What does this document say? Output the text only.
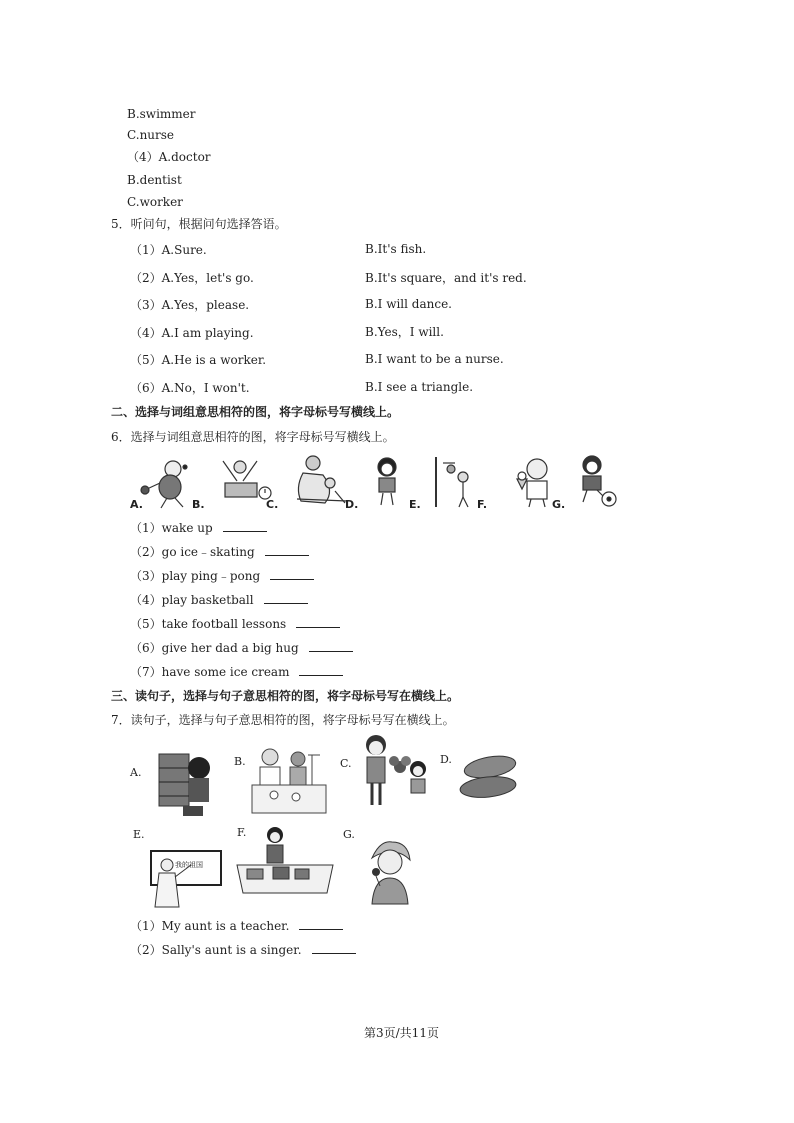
B.swimmer
C.nurse
（4）A.doctor
B.dentist
C.worker
5．听问句，根据问句选择答语。
（1）A.Sure.	B.It's fish.
（2）A.Yes，let's go.	B.It's square，and it's red.
（3）A.Yes，please.	B.I will dance.
（4）A.I am playing.	B.Yes，I will.
（5）A.He is a worker.	B.I want to be a nurse.
（6）A.No，I won't.	B.I see a triangle.
二、选择与词组意思相符的图，将字母标号写横线上。
6．选择与词组意思相符的图，将字母标号写横线上。
A.	B.	C.	D.	E.	F.	G.
（1）wake up
（2）go ice﹣skating
（3）play ping﹣pong
（4）play basketball
（5）take football lessons
（6）give her dad a big hug
（7）have some ice cream
三、读句子，选择与句子意思相符的图，将字母标号写在横线上。
7．读句子，选择与句子意思相符的图，将字母标号写在横线上。
A.
B.	C.	D.
E.	F.	G.
我的祖国
（1）My aunt is a teacher.
（2）Sally's aunt is a singer.
第3页/共11页
